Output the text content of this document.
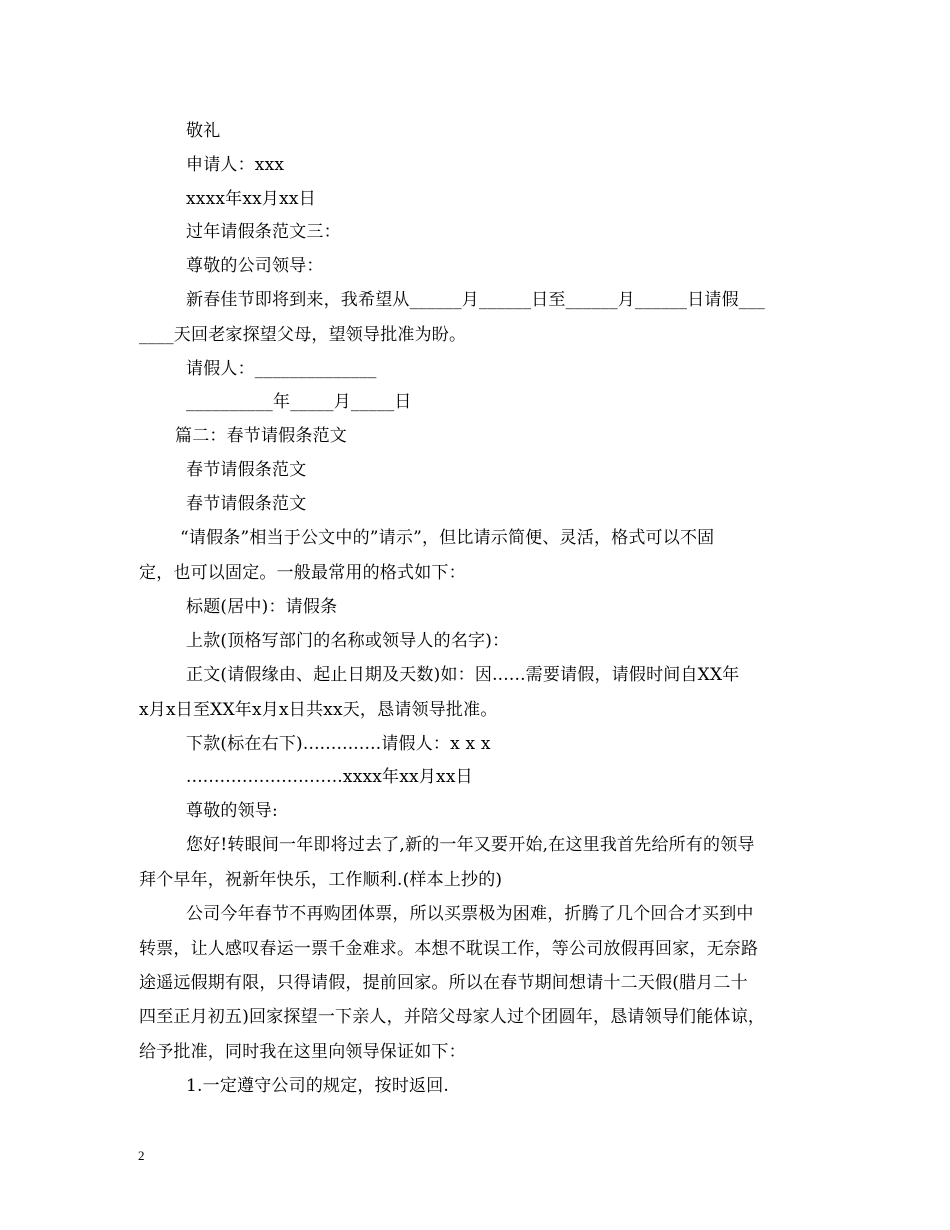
敬礼
申请人：xxx
xxxx年xx月xx日
过年请假条范文三：
尊敬的公司领导：
新春佳节即将到来，我希望从______月______日至______月______日请假___
____天回老家探望父母，望领导批准为盼。
请假人：______________
__________年_____月_____日
篇二：春节请假条范文
春节请假条范文
春节请假条范文
“请假条”相当于公文中的”请示”，但比请示简便、灵活，格式可以不固
定，也可以固定。一般最常用的格式如下：
标题(居中)：请假条
上款(顶格写部门的名称或领导人的名字)：
正文(请假缘由、起止日期及天数)如：因......需要请假，请假时间自XX年
x月x日至XX年x月x日共xx天，恳请领导批准。
下款(标在右下)..............请假人：x x x
............................xxxx年xx月xx日
尊敬的领导:
您好!转眼间一年即将过去了,新的一年又要开始,在这里我首先给所有的领导
拜个早年，祝新年快乐，工作顺利.(样本上抄的)
公司今年春节不再购团体票，所以买票极为困难，折腾了几个回合才买到中
转票，让人感叹春运一票千金难求。本想不耽误工作，等公司放假再回家，无奈路
途遥远假期有限，只得请假，提前回家。所以在春节期间想请十二天假(腊月二十
四至正月初五)回家探望一下亲人，并陪父母家人过个团圆年，恳请领导们能体谅，
给予批准，同时我在这里向领导保证如下：
1.一定遵守公司的规定，按时返回.
2
